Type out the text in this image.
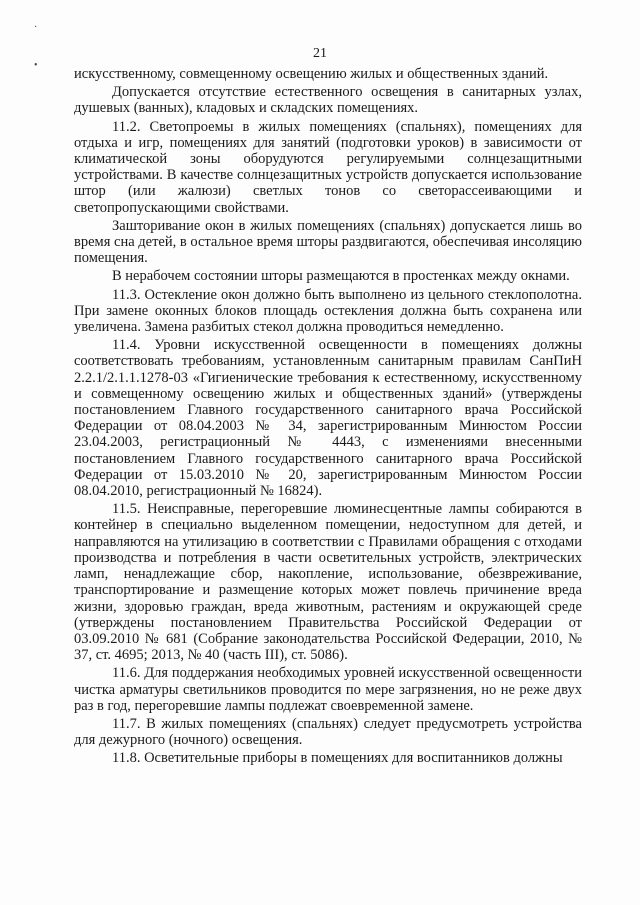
·
•
21

искусственному, совмещенному освещению жилых и общественных зданий.

Допускается отсутствие естественного освещения в санитарных узлах, душевых (ванных), кладовых и складских помещениях.

11.2. Светопроемы в жилых помещениях (спальнях), помещениях для отдыха и игр, помещениях для занятий (подготовки уроков) в зависимости от климатической зоны оборудуются регулируемыми солнцезащитными устройствами. В качестве солнцезащитных устройств допускается использование штор (или жалюзи) светлых тонов со светорассеивающими и светопропускающими свойствами.

Зашторивание окон в жилых помещениях (спальнях) допускается лишь во время сна детей, в остальное время шторы раздвигаются, обеспечивая инсоляцию помещения.

В нерабочем состоянии шторы размещаются в простенках между окнами.

11.3. Остекление окон должно быть выполнено из цельного стеклополотна. При замене оконных блоков площадь остекления должна быть сохранена или увеличена. Замена разбитых стекол должна проводиться немедленно.

11.4. Уровни искусственной освещенности в помещениях должны соответствовать требованиям, установленным санитарным правилам СанПиН 2.2.1/2.1.1.1278-03 «Гигиенические требования к естественному, искусственному и совмещенному освещению жилых и общественных зданий» (утверждены постановлением Главного государственного санитарного врача Российской Федерации от 08.04.2003 № 34, зарегистрированным Минюстом России 23.04.2003, регистрационный № 4443, с изменениями внесенными постановлением Главного государственного санитарного врача Российской Федерации от 15.03.2010 № 20, зарегистрированным Минюстом России 08.04.2010, регистрационный № 16824).

11.5. Неисправные, перегоревшие люминесцентные лампы собираются в контейнер в специально выделенном помещении, недоступном для детей, и направляются на утилизацию в соответствии с Правилами обращения с отходами производства и потребления в части осветительных устройств, электрических ламп, ненадлежащие сбор, накопление, использование, обезвреживание, транспортирование и размещение которых может повлечь причинение вреда жизни, здоровью граждан, вреда животным, растениям и окружающей среде (утверждены постановлением Правительства Российской Федерации от 03.09.2010 № 681 (Собрание законодательства Российской Федерации, 2010, № 37, ст. 4695; 2013, № 40 (часть III), ст. 5086).

11.6. Для поддержания необходимых уровней искусственной освещенности чистка арматуры светильников проводится по мере загрязнения, но не реже двух раз в год, перегоревшие лампы подлежат своевременной замене.

11.7. В жилых помещениях (спальнях) следует предусмотреть устройства для дежурного (ночного) освещения.

11.8. Осветительные приборы в помещениях для воспитанников должны
